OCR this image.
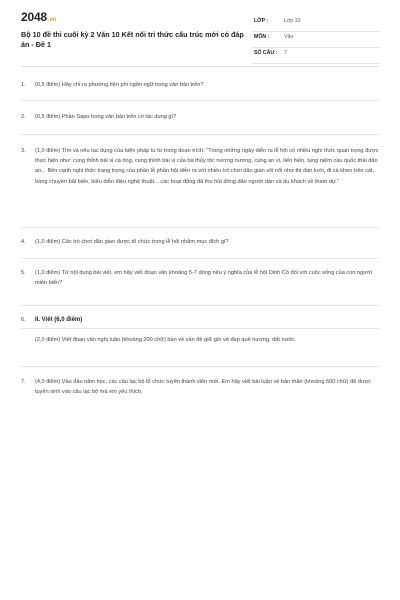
2048.vn
Bộ 10 đề thi cuối kỳ 2 Văn 10 Kết nối tri thức cấu trúc mới có đáp án - Đề 1
LỚP :	Lớp 10
MÔN :	Văn
SỐ CÂU : 7
1.	(0,5 điểm) Hãy chỉ ra phương tiện phi ngôn ngữ trong văn bản trên?
2.	(0,5 điểm) Phần Sapo trong văn bản trên có tác dụng gì?
3.	(1,0 điểm) Tìm và nêu tác dụng của biện pháp tu từ trong đoạn trích: "Trong những ngày diễn ra lễ hội có nhiều nghi thức quan trọng được thực hiện như: cung thỉnh bài vị cá ông, cung thỉnh bài vị của bà thủy tộc nương nương, cúng an vị, tiến hiến, tụng niệm cầu quốc thái dân an... Bên cạnh nghi thức trang trọng của phần lễ phần hội diễn ra với nhiều trò chơi dân gian sôi nổi như thi đan lưới, đi cà kheo trên cát, bóng chuyền bãi biển, biểu diễn điệu nghệ thuật... các hoạt động đã thu hút đông đảo người dân và du khách về tham dự."
4.	(1,0 điểm) Các trò chơi dân gian được tổ chức trong lễ hội nhằm mục đích gì?
5.	(1,0 điểm) Từ nội dung bài viết, em hãy viết đoạn văn khoảng 5-7 dòng nêu ý nghĩa của lễ hội Dinh Cô đối với cuộc sống của con người miền biển?
6.	II. Viết (6,0 điểm)
(2,0 điểm) Viết đoạn văn nghị luận (khoảng 200 chữ) bàn về vấn đề giữ gìn vẻ đẹp quê hương, đất nước.
7.	(4,0 điểm) Vào đầu năm học, các câu lạc bộ tổ chức tuyển thành viên mới. Em hãy viết bài luận về bản thân (khoảng 600 chữ) để được tuyển sinh vào câu lạc bộ mà em yêu thích.
